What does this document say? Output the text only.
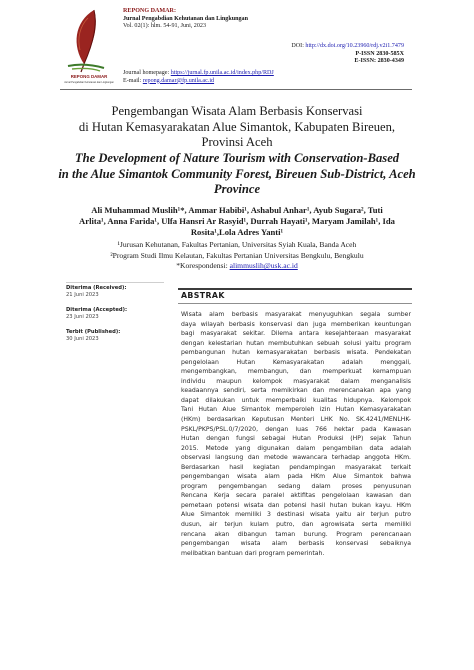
REPONG DAMAR
Jurnal Pengabdian Kehutanan dan Lingkungan
REPONG DAMAR:
Jurnal Pengabdian Kehutanan dan Lingkungan
Vol. 02(1): hlm. 54-91, Juni, 2023
DOI: http://dx.doi.org/10.23960/rdj.v2i1.7479
P-ISSN 2830-585X
E-ISSN: 2830-4349
Journal homepage: https://jurnal.fp.unila.ac.id/index.php/RDJ
E-mail: repong.damar@fp.unila.ac.id
Pengembangan Wisata Alam Berbasis Konservasi
di Hutan Kemasyarakatan Alue Simantok, Kabupaten Bireuen,
Provinsi Aceh
The Development of Nature Tourism with Conservation-Based
in the Alue Simantok Community Forest, Bireuen Sub-District, Aceh
Province
Ali Muhammad Muslih¹*, Ammar Habibi¹, Ashabul Anhar¹, Ayub Sugara², Tuti
Arlita¹, Anna Farida¹, Ulfa Hansri Ar Rasyid¹, Durrah Hayati¹, Maryam Jamilah¹, Ida
Rosita¹,Lola Adres Yanti¹
¹Jurusan Kehutanan, Fakultas Pertanian, Universitas Syiah Kuala, Banda Aceh
²Program Studi Ilmu Kelautan, Fakultas Pertanian Universitas Bengkulu, Bengkulu
*Korespondensi: alimmuslih@usk.ac.id
Diterima (Received):
21 Juni 2023
Diterima (Accepted):
23 Juni 2023
Terbit (Published):
30 Juni 2023
ABSTRAK
Wisata alam berbasis masyarakat menyuguhkan segala sumber
daya wilayah berbasis konservasi dan juga memberikan keuntungan
bagi masyarakat sekitar. Dilema antara kesejahteraan masyarakat
dengan kelestarian hutan membutuhkan sebuah solusi yaitu program
pembangunan hutan kemasyarakatan berbasis wisata. Pendekatan
pengelolaan Hutan Kemasyarakatan adalah menggali,
mengembangkan, membangun, dan memperkuat kemampuan
individu maupun kelompok masyarakat dalam menganalisis
keadaannya sendiri, serta memikirkan dan merencanakan apa yang
dapat dilakukan untuk memperbaiki kualitas hidupnya. Kelompok
Tani Hutan Alue Simantok memperoleh izin Hutan Kemasyarakatan
(HKm) berdasarkan Keputusan Menteri LHK No. SK.4241/MENLHK-
PSKL/PKPS/PSL.0/7/2020, dengan luas 766 hektar pada Kawasan
Hutan dengan fungsi sebagai Hutan Produksi (HP) sejak Tahun
2015. Metode yang digunakan dalam pengambilan data adalah
observasi langsung dan metode wawancara terhadap anggota HKm.
Berdasarkan hasil kegiatan pendampingan masyarakat terkait
pengembangan wisata alam pada HKm Alue Simantok bahwa
program pengembangan sedang dalam proses penyusunan
Rencana Kerja secara paralel aktifitas pengelolaan kawasan dan
pemetaan potensi wisata dan potensi hasil hutan bukan kayu. HKm
Alue Simantok memiliki 3 destinasi wisata yaitu air terjun putro
dusun, air terjun kulam putro, dan agrowisata serta memiliki
rencana akan dibangun taman burung. Program perencanaan
pengembangan wisata alam berbasis konservasi sebaiknya
melibatkan bantuan dari program pemerintah.
